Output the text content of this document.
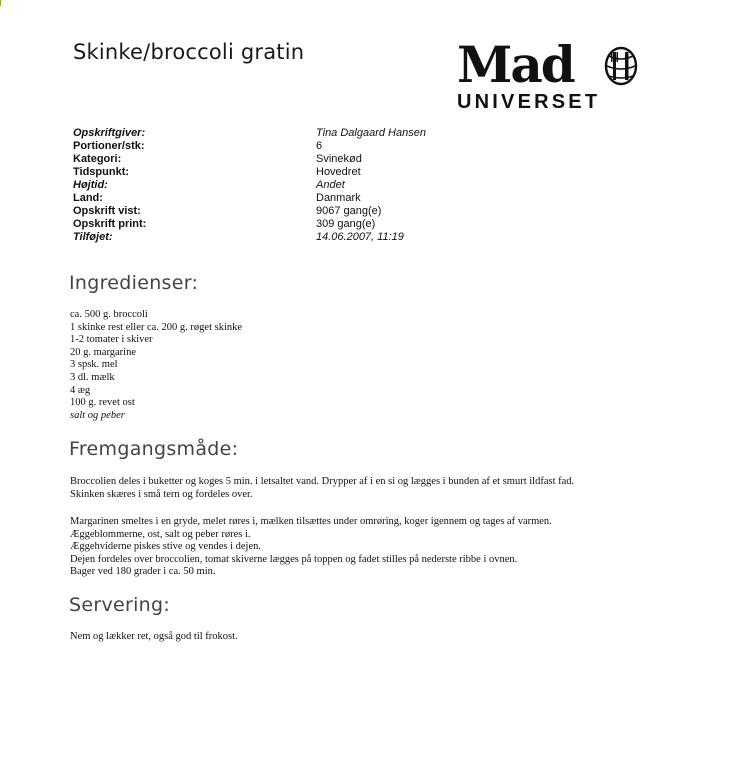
Skinke/broccoli gratin	Mad
UNIVERSET
Opskriftgiver:	Tina Dalgaard Hansen
Portioner/stk:	6
Kategori:	Svinekød
Tidspunkt:	Hovedret
Højtid:	Andet
Land:	Danmark
Opskrift vist:	9067 gang(e)
Opskrift print:	309 gang(e)
Tilføjet:	14.06.2007, 11:19
Ingredienser:
ca. 500 g. broccoli
1 skinke rest eller ca. 200 g. røget skinke
1-2 tomater i skiver
20 g. margarine
3 spsk. mel
3 dl. mælk
4 æg
100 g. revet ost
salt og peber
Fremgangsmåde:
Broccolien deles i buketter og koges 5 min. i letsaltet vand. Drypper af i en si og lægges i bunden af et smurt ildfast fad.
Skinken skæres i små tern og fordeles over.
Margarinen smeltes i en gryde, melet røres i, mælken tilsættes under omrøring, koger igennem og tages af varmen.
Æggeblommerne, ost, salt og peber røres i.
Æggehviderne piskes stive og vendes i dejen.
Dejen fordeles over broccolien, tomat skiverne lægges på toppen og fadet stilles på nederste ribbe i ovnen.
Bager ved 180 grader i ca. 50 min.
Servering:
Nem og lækker ret, også god til frokost.
